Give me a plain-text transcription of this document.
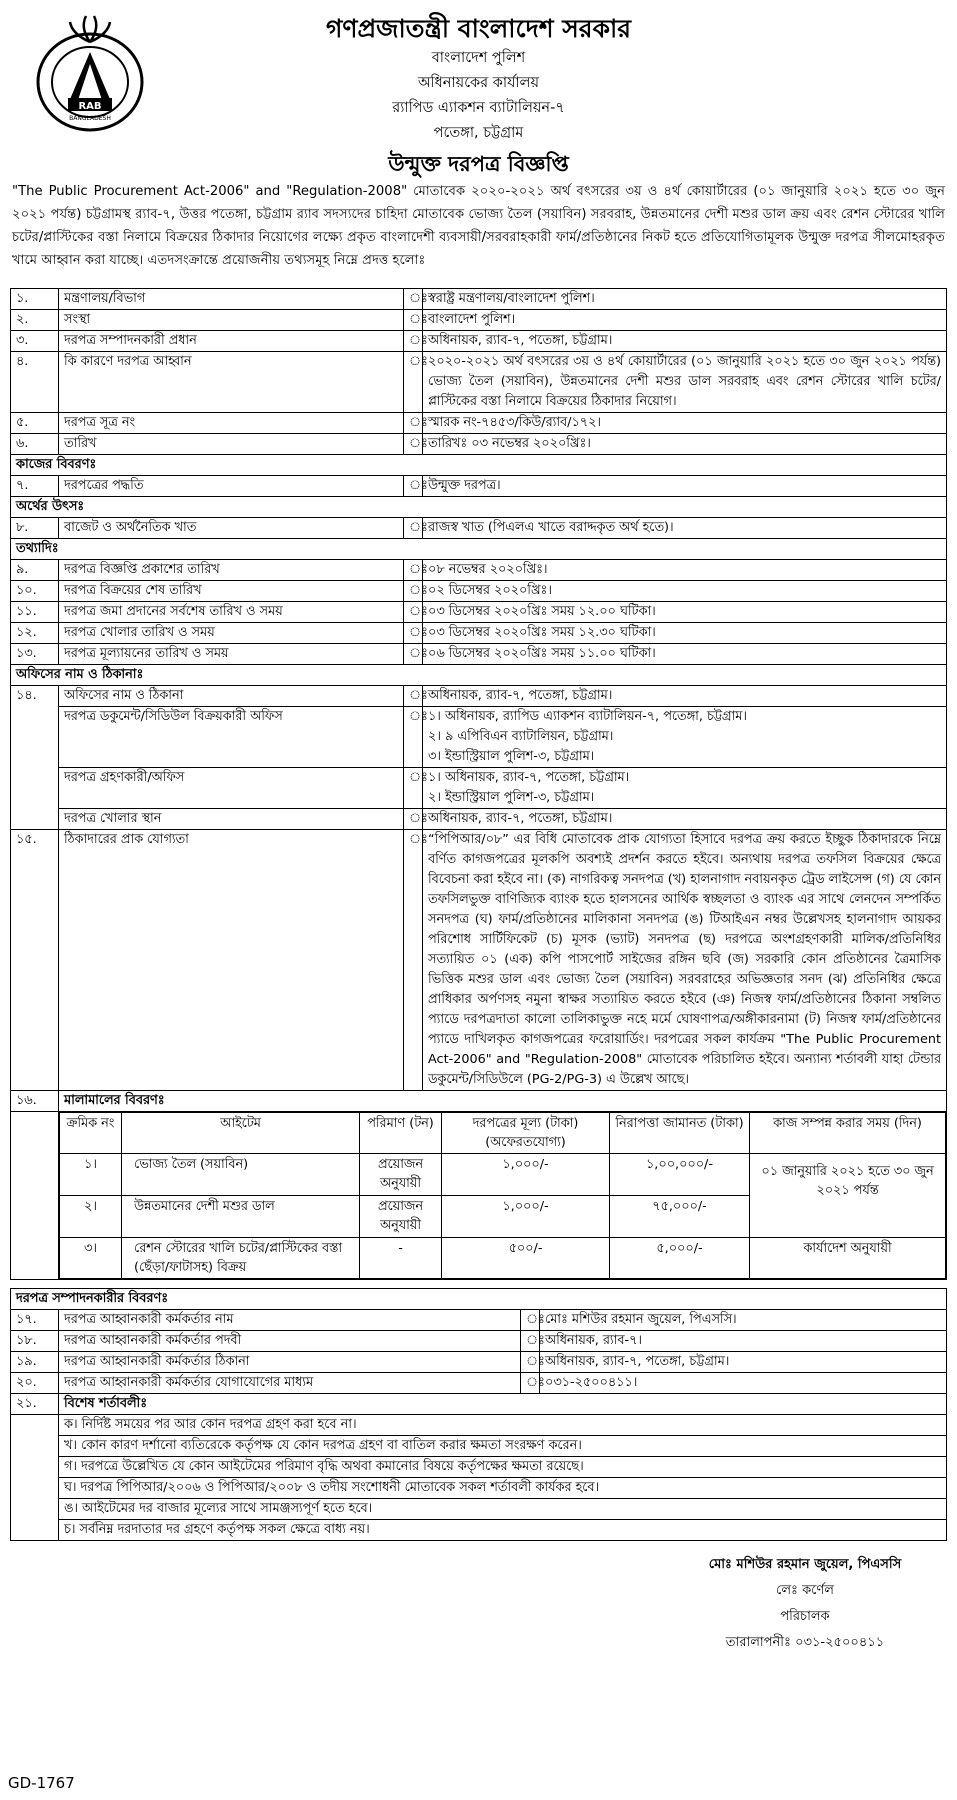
RAB
BANGLADESH
গণপ্রজাতন্ত্রী বাংলাদেশ সরকার
বাংলাদেশ পুলিশ
অধিনায়কের কার্যালয়
র‍্যাপিড এ্যাকশন ব্যাটালিয়ন-৭
পতেঙ্গা, চট্টগ্রাম
উন্মুক্ত দরপত্র বিজ্ঞপ্তি
"The Public Procurement Act-2006" and "Regulation-2008" মোতাবেক ২০২০-২০২১ অর্থ বৎসরের ৩য় ও ৪র্থ কোয়ার্টারের (০১ জানুয়ারি ২০২১ হতে ৩০ জুন ২০২১ পর্যন্ত) চট্টগ্রামস্থ র‍্যাব-৭, উত্তর পতেঙ্গা, চট্টগ্রাম র‍্যাব সদস্যদের চাহিদা মোতাবেক ভোজ্য তৈল (সয়াবিন) সরবরাহ, উন্নতমানের দেশী মশুর ডাল ক্রয় এবং রেশন স্টোরের খালি চটের/প্লাস্টিকের বস্তা নিলামে বিক্রয়ের ঠিকাদার নিয়োগের লক্ষ্যে প্রকৃত বাংলাদেশী ব্যবসায়ী/সরবরাহকারী ফার্ম/প্রতিষ্ঠানের নিকট হতে প্রতিযোগিতামূলক উন্মুক্ত দরপত্র সীলমোহরকৃত খামে আহ্বান করা যাচ্ছে। এতদসংক্রান্তে প্রয়োজনীয় তথ্যসমূহ নিম্নে প্রদত্ত হলোঃ
১.	মন্ত্রণালয়/বিভাগ	ঃ	স্বরাষ্ট্র মন্ত্রণালয়/বাংলাদেশ পুলিশ।
২.	সংস্থা	ঃ	বাংলাদেশ পুলিশ।
৩.	দরপত্র সম্পাদনকারী প্রধান	ঃ	অধিনায়ক, র‍্যাব-৭, পতেঙ্গা, চট্টগ্রাম।
৪.	কি কারণে দরপত্র আহ্বান	ঃ	২০২০-২০২১ অর্থ বৎসরের ৩য় ও ৪র্থ কোয়ার্টারের (০১ জানুয়ারি ২০২১ হতে ৩০ জুন ২০২১ পর্যন্ত) ভোজ্য তৈল (সয়াবিন), উন্নতমানের দেশী মশুর ডাল সরবরাহ এবং রেশন স্টোরের খালি চটের/প্লাস্টিকের বস্তা নিলামে বিক্রয়ের ঠিকাদার নিয়োগ।
৫.	দরপত্র সূত্র নং	ঃ	স্মারক নং-৭৪৫৩/কিউ/র‍্যাব/১৭২।
৬.	তারিখ	ঃ	তারিখঃ ০৩ নভেম্বর ২০২০খ্রিঃ।
কাজের বিবরণঃ
৭.	দরপত্রের পদ্ধতি	ঃ	উন্মুক্ত দরপত্র।
অর্থের উৎসঃ
৮.	বাজেট ও অর্থনৈতিক খাত	ঃ	রাজস্ব খাত (পিএলএ খাতে বরাদ্দকৃত অর্থ হতে)।
তথ্যাদিঃ
৯.	দরপত্র বিজ্ঞপ্তি প্রকাশের তারিখ	ঃ	০৮ নভেম্বর ২০২০খ্রিঃ।
১০.	দরপত্র বিক্রয়ের শেষ তারিখ	ঃ	০২ ডিসেম্বর ২০২০খ্রিঃ।
১১.	দরপত্র জমা প্রদানের সর্বশেষ তারিখ ও সময়	ঃ	০৩ ডিসেম্বর ২০২০খ্রিঃ সময় ১২.০০ ঘটিকা।
১২.	দরপত্র খোলার তারিখ ও সময়	ঃ	০৩ ডিসেম্বর ২০২০খ্রিঃ সময় ১২.৩০ ঘটিকা।
১৩.	দরপত্র মূল্যায়নের তারিখ ও সময়	ঃ	০৬ ডিসেম্বর ২০২০খ্রিঃ সময় ১১.০০ ঘটিকা।
অফিসের নাম ও ঠিকানাঃ
১৪.	অফিসের নাম ও ঠিকানা	ঃ	অধিনায়ক, র‍্যাব-৭, পতেঙ্গা, চট্টগ্রাম।
দরপত্র ডকুমেন্ট/সিডিউল বিক্রয়কারী অফিস	ঃ	১। অধিনায়ক, র‍্যাপিড এ্যাকশন ব্যাটালিয়ন-৭, পতেঙ্গা, চট্টগ্রাম।
২। ৯ এপিবিএন ব্যাটালিয়ন, চট্টগ্রাম।
৩। ইন্ডাস্ট্রিয়াল পুলিশ-৩, চট্টগ্রাম।

দরপত্র গ্রহণকারী/অফিস	ঃ	১। অধিনায়ক, র‍্যাব-৭, পতেঙ্গা, চট্টগ্রাম।
২। ইন্ডাস্ট্রিয়াল পুলিশ-৩, চট্টগ্রাম।

দরপত্র খোলার স্থান	ঃ	অধিনায়ক, র‍্যাব-৭, পতেঙ্গা, চট্টগ্রাম।
১৫.	ঠিকাদারের প্রাক যোগ্যতা	ঃ	“পিপিআর/০৮” এর বিধি মোতাবেক প্রাক যোগ্যতা হিসাবে দরপত্র ক্রয় করতে ইচ্ছুক ঠিকাদারকে নিম্নে বর্ণিত কাগজপত্রের মূলকপি অবশ্যই প্রদর্শন করতে হইবে। অন্যথায় দরপত্র তফসিল বিক্রয়ের ক্ষেত্রে বিবেচনা করা হইবে না। (ক) নাগরিকত্ব সনদপত্র (খ) হালনাগাদ নবায়নকৃত ট্রেড লাইসেন্স (গ) যে কোন তফসিলভুক্ত বাণিজ্যিক ব্যাংক হতে হালসনের আর্থিক স্বচ্ছলতা ও ব্যাংক এর সাথে লেনদেন সম্পর্কিত সনদপত্র (ঘ) ফার্ম/প্রতিষ্ঠানের মালিকানা সনদপত্র (ঙ) টিআইএন নম্বর উল্লেখসহ হালনাগাদ আয়কর পরিশোধ সার্টিফিকেট (চ) মূসক (ভ্যাট) সনদপত্র (ছ) দরপত্রে অংশগ্রহণকারী মালিক/প্রতিনিধির সত্যায়িত ০১ (এক) কপি পাসপোর্ট সাইজের রঙ্গিন ছবি (জ) সরকারি কোন প্রতিষ্ঠানের ত্রৈমাসিক ভিত্তিক মশুর ডাল এবং ভোজ্য তৈল (সয়াবিন) সরবরাহের অভিজ্ঞতার সনদ (ঝ) প্রতিনিধির ক্ষেত্রে প্রাধিকার অর্পণসহ নমুনা স্বাক্ষর সত্যায়িত করতে হইবে (ঞ) নিজস্ব ফার্ম/প্রতিষ্ঠানের ঠিকানা সম্বলিত প্যাডে দরপত্রদাতা কালো তালিকাভুক্ত নহে মর্মে ঘোষণাপত্র/অঙ্গীকারনামা (ট) নিজস্ব ফার্ম/প্রতিষ্ঠানের প্যাডে দাখিলকৃত কাগজপত্রের ফরোয়ার্ডিং। দরপত্রের সকল কার্যক্রম "The Public Procurement Act-2006" and "Regulation-2008" মোতাবেক পরিচালিত হইবে। অন্যান্য শর্তাবলী যাহা টেন্ডার ডকুমেন্ট/সিডিউলে (PG-2/PG-3) এ উল্লেখ আছে।
১৬.	মালামালের বিবরণঃ

ক্রমিক নং	আইটেম	পরিমাণ (টন)	দরপত্রের মূল্য (টাকা) (অফেরতযোগ্য)	নিরাপত্তা জামানত (টাকা)	কাজ সম্পন্ন করার সময় (দিন)
১।	ভোজ্য তৈল (সয়াবিন)	প্রয়োজন অনুযায়ী	১,০০০/-	১,০০,০০০/-	০১ জানুয়ারি ২০২১ হতে ৩০ জুন ২০২১ পর্যন্ত
২।	উন্নতমানের দেশী মশুর ডাল	প্রয়োজন অনুযায়ী	১,০০০/-	৭৫,০০০/-
৩।	রেশন স্টোরের খালি চটের/প্লাস্টিকের বস্তা (ছেঁড়া/ফাটাসহ) বিক্রয়	-	৫০০/-	৫,০০০/-	কার্যাদেশ অনুযায়ী
দরপত্র সম্পাদনকারীর বিবরণঃ			
১৭.	দরপত্র আহ্বানকারী কর্মকর্তার নাম	ঃ	মোঃ মশিউর রহমান জুয়েল, পিএসসি।
১৮.	দরপত্র আহ্বানকারী কর্মকর্তার পদবী	ঃ	অধিনায়ক, র‍্যাব-৭।
১৯.	দরপত্র আহ্বানকারী কর্মকর্তার ঠিকানা	ঃ	অধিনায়ক, র‍্যাব-৭, পতেঙ্গা, চট্টগ্রাম।
২০.	দরপত্র আহ্বানকারী কর্মকর্তার যোগাযোগের মাধ্যম	ঃ	০৩১-২৫০০৪১১।
২১.	বিশেষ শর্তাবলীঃ		
	ক। নির্দিষ্ট সময়ের পর আর কোন দরপত্র গ্রহণ করা হবে না।		
	খ। কোন কারণ দর্শানো ব্যতিরেকে কর্তৃপক্ষ যে কোন দরপত্র গ্রহণ বা বাতিল করার ক্ষমতা সংরক্ষণ করেন।		
	গ। দরপত্রে উল্লেখিত যে কোন আইটেমের পরিমাণ বৃদ্ধি অথবা কমানোর বিষয়ে কর্তৃপক্ষের ক্ষমতা রয়েছে।		
	ঘ। দরপত্র পিপিআর/২০০৬ ও পিপিআর/২০০৮ ও তদীয় সংশোধনী মোতাবেক সকল শর্তাবলী কার্যকর হবে।		
	ঙ। আইটেমের দর বাজার মূল্যের সাথে সামঞ্জস্যপূর্ণ হতে হবে।		
	চ। সর্বনিম্ন দরদাতার দর গ্রহণে কর্তৃপক্ষ সকল ক্ষেত্রে বাধ্য নয়।		
মোঃ মশিউর রহমান জুয়েল, পিএসসি
লেঃ কর্ণেল
পরিচালক
তারালাপনীঃ ০৩১-২৫০০৪১১
GD-1767
